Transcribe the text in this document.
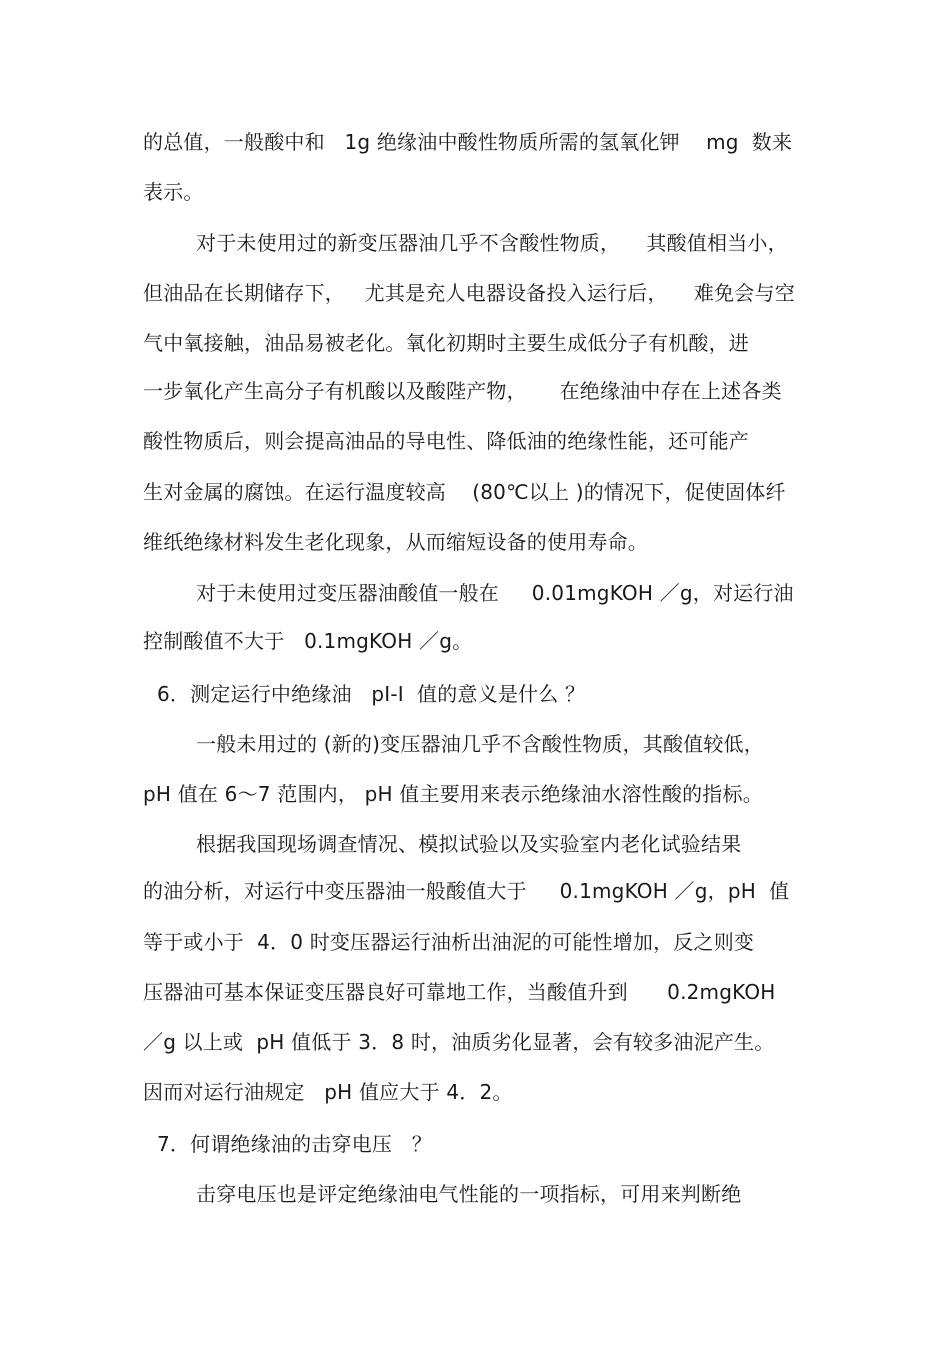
的总值，一般酸中和   1g 绝缘油中酸性物质所需的氢氧化钾    mg  数来
表示。
对于未使用过的新变压器油几乎不含酸性物质，    其酸值相当小，
但油品在长期储存下，   尤其是充人电器设备投入运行后，    难免会与空
气中氧接触，油品易被老化。氧化初期时主要生成低分子有机酸，进
一步氧化产生高分子有机酸以及酸陛产物，     在绝缘油中存在上述各类
酸性物质后，则会提高油品的导电性、降低油的绝缘性能，还可能产
生对金属的腐蚀。在运行温度较高    (80℃以上 )的情况下，促使固体纤
维纸绝缘材料发生老化现象，从而缩短设备的使用寿命。
对于未使用过变压器油酸值一般在     0.01mgKOH ／g，对运行油
控制酸值不大于   0.1mgKOH ／g。
6．测定运行中绝缘油   pI-I  值的意义是什么 ？
一般未用过的 (新的)变压器油几乎不含酸性物质，其酸值较低，
pH 值在 6～7 范围内， pH 值主要用来表示绝缘油水溶性酸的指标。
根据我国现场调查情况、模拟试验以及实验室内老化试验结果
的油分析，对运行中变压器油一般酸值大于     0.1mgKOH ／g，pH  值
等于或小于  4．0 时变压器运行油析出油泥的可能性增加，反之则变
压器油可基本保证变压器良好可靠地工作，当酸值升到      0.2mgKOH
／g 以上或  pH 值低于 3．8 时，油质劣化显著，会有较多油泥产生。
因而对运行油规定   pH 值应大于 4．2。
7．何谓绝缘油的击穿电压   ？
击穿电压也是评定绝缘油电气性能的一项指标，可用来判断绝
